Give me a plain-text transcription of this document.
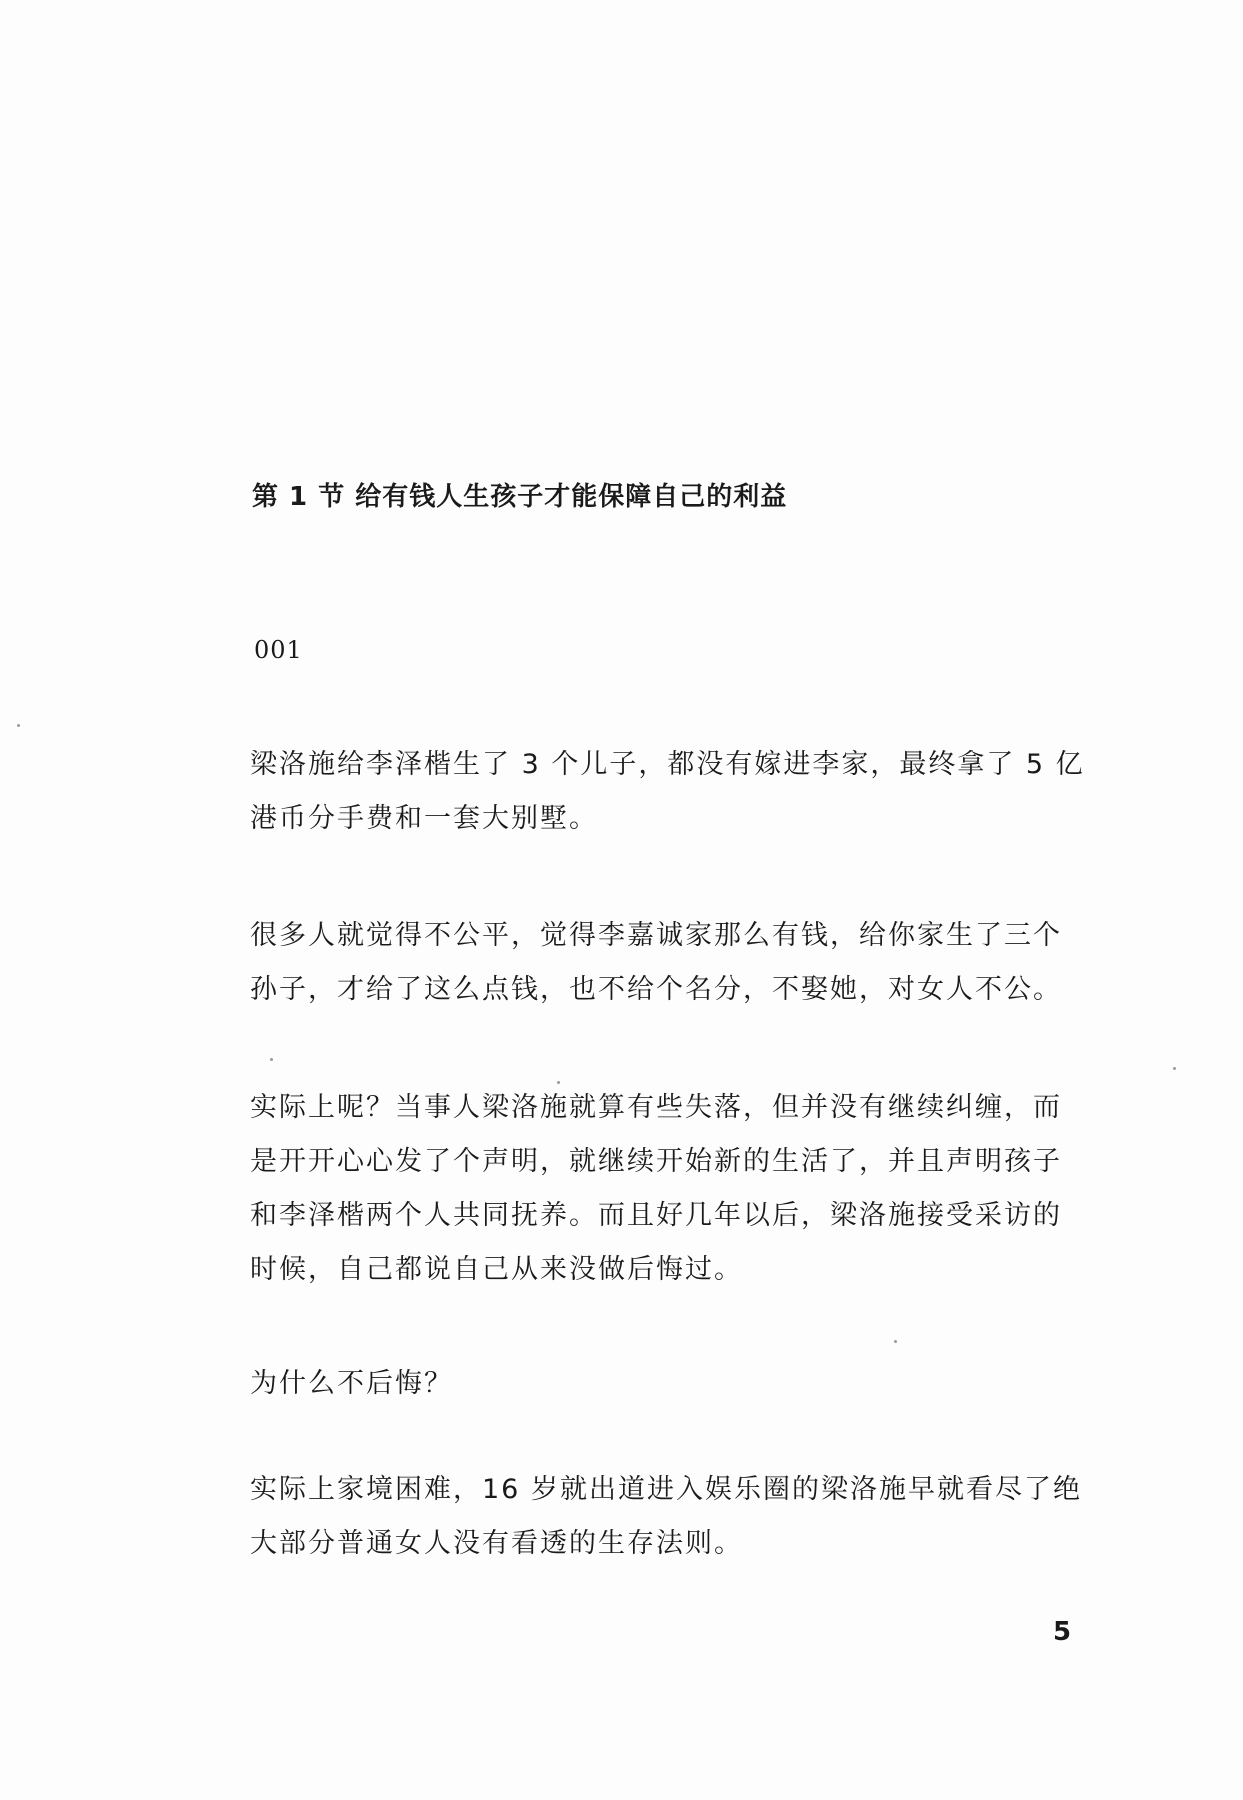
第 1 节 给有钱人生孩子才能保障自己的利益
001

梁洛施给李泽楷生了 3 个儿子，都没有嫁进李家，最终拿了 5 亿
港币分手费和一套大别墅。

很多人就觉得不公平，觉得李嘉诚家那么有钱，给你家生了三个
孙子，才给了这么点钱，也不给个名分，不娶她，对女人不公。

实际上呢？当事人梁洛施就算有些失落，但并没有继续纠缠，而
是开开心心发了个声明，就继续开始新的生活了，并且声明孩子
和李泽楷两个人共同抚养。而且好几年以后，梁洛施接受采访的
时候，自己都说自己从来没做后悔过。

为什么不后悔？

实际上家境困难，16 岁就出道进入娱乐圈的梁洛施早就看尽了绝
大部分普通女人没有看透的生存法则。

5
